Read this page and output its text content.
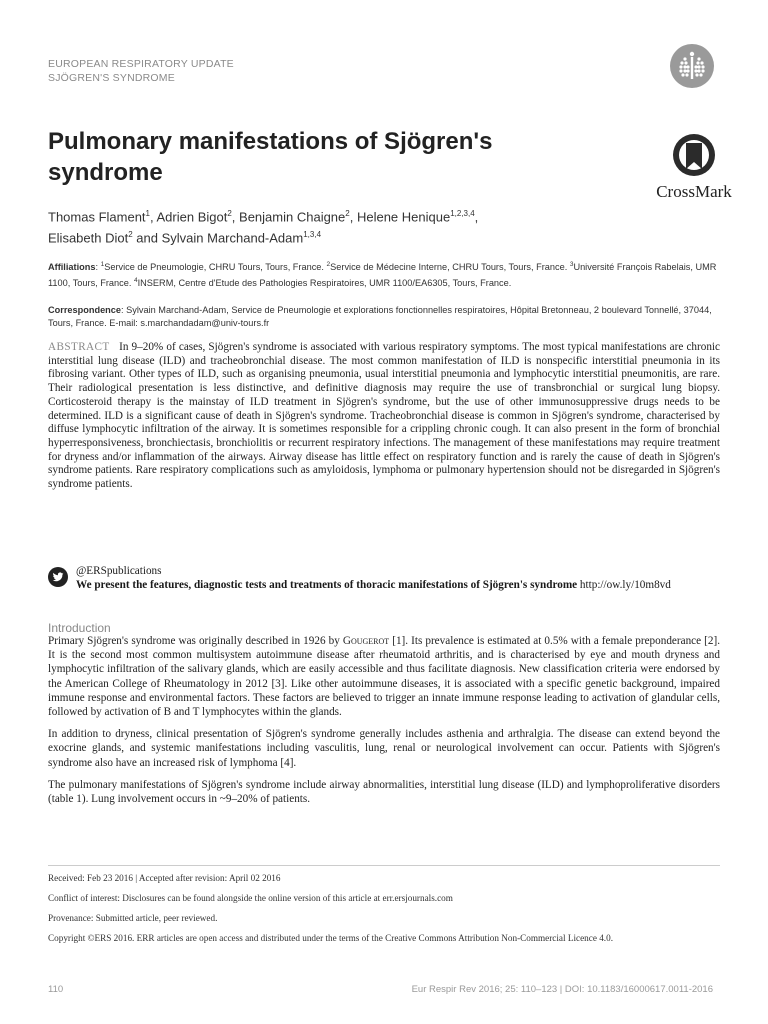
EUROPEAN RESPIRATORY UPDATE
SJÖGREN'S SYNDROME
CrossMark
Pulmonary manifestations of Sjögren's syndrome
Thomas Flament$^1$, Adrien Bigot$^2$, Benjamin Chaigne$^2$, Helene Henique$^{1,2,3,4}$,
Elisabeth Diot$^2$ and Sylvain Marchand-Adam$^{1,3,4}$
Affiliations: $^1$Service de Pneumologie, CHRU Tours, Tours, France. $^2$Service de Médecine Interne, CHRU Tours, Tours, France. $^3$Université François Rabelais, UMR 1100, Tours, France. $^4$INSERM, Centre d'Etude des Pathologies Respiratoires, UMR 1100/EA6305, Tours, France.
Correspondence: Sylvain Marchand-Adam, Service de Pneumologie et explorations fonctionnelles respiratoires, Hôpital Bretonneau, 2 boulevard Tonnellé, 37044, Tours, France. E-mail: s.marchandadam@univ-tours.fr
ABSTRACT In 9–20% of cases, Sjögren's syndrome is associated with various respiratory symptoms. The most typical manifestations are chronic interstitial lung disease (ILD) and tracheobronchial disease. The most common manifestation of ILD is nonspecific interstitial pneumonia in its fibrosing variant. Other types of ILD, such as organising pneumonia, usual interstitial pneumonia and lymphocytic interstitial pneumonitis, are rare. Their radiological presentation is less distinctive, and definitive diagnosis may require the use of transbronchial or surgical lung biopsy. Corticosteroid therapy is the mainstay of ILD treatment in Sjögren's syndrome, but the use of other immunosuppressive drugs needs to be determined. ILD is a significant cause of death in Sjögren's syndrome. Tracheobronchial disease is common in Sjögren's syndrome, characterised by diffuse lymphocytic infiltration of the airway. It is sometimes responsible for a crippling chronic cough. It can also present in the form of bronchial hyperresponsiveness, bronchiectasis, bronchiolitis or recurrent respiratory infections. The management of these manifestations may require treatment for dryness and/or inflammation of the airways. Airway disease has little effect on respiratory function and is rarely the cause of death in Sjögren's syndrome patients. Rare respiratory complications such as amyloidosis, lymphoma or pulmonary hypertension should not be disregarded in Sjögren's syndrome patients.
@ERSpublications
We present the features, diagnostic tests and treatments of thoracic manifestations of Sjögren's syndrome http://ow.ly/10m8vd
Introduction

Primary Sjögren's syndrome was originally described in 1926 by Gougerot [1]. Its prevalence is estimated at 0.5% with a female preponderance [2]. It is the second most common multisystem autoimmune disease after rheumatoid arthritis, and is characterised by eye and mouth dryness and lymphocytic infiltration of the salivary glands, which are easily accessible and thus facilitate diagnosis. New classification criteria were endorsed by the American College of Rheumatology in 2012 [3]. Like other autoimmune diseases, it is associated with a specific genetic background, impaired immune response and environmental factors. These factors are believed to trigger an innate immune response leading to activation of glandular cells, followed by activation of B and T lymphocytes within the glands.

In addition to dryness, clinical presentation of Sjögren's syndrome generally includes asthenia and arthralgia. The disease can extend beyond the exocrine glands, and systemic manifestations including vasculitis, lung, renal or neurological involvement can occur. Patients with Sjögren's syndrome also have an increased risk of lymphoma [4].

The pulmonary manifestations of Sjögren's syndrome include airway abnormalities, interstitial lung disease (ILD) and lymphoproliferative disorders (table 1). Lung involvement occurs in ~9–20% of patients.

Received: Feb 23 2016 | Accepted after revision: April 02 2016

Conflict of interest: Disclosures can be found alongside the online version of this article at err.ersjournals.com

Provenance: Submitted article, peer reviewed.

Copyright ©ERS 2016. ERR articles are open access and distributed under the terms of the Creative Commons Attribution Non-Commercial Licence 4.0.

110	Eur Respir Rev 2016; 25: 110–123 | DOI: 10.1183/16000617.0011-2016
